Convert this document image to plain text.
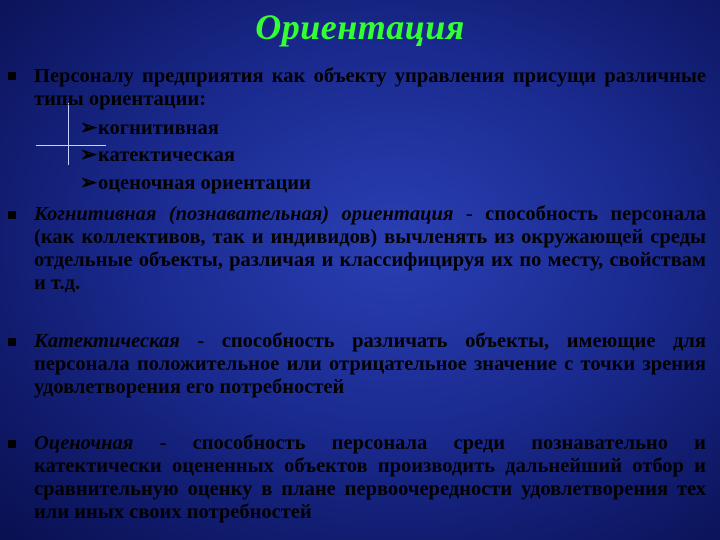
Ориентация
Персоналу предприятия как объекту управления присущи различные типы ориентации:
➢когнитивная
➢катектическая
➢оценочная ориентации
Когнитивная (познавательная) ориентация - способность персонала (как коллективов, так и индивидов) вычленять из окружающей среды отдельные объекты, различая и классифицируя их по месту, свойствам и т.д.
Катектическая - способность различать объекты, имеющие для персонала положительное или отрицательное значение с точки зрения удовлетворения его потребностей
Оценочная - способность персонала среди познавательно и катектически оцененных объектов производить дальнейший отбор и сравнительную оценку в плане первоочередности удовлетворения тех или иных своих потребностей
